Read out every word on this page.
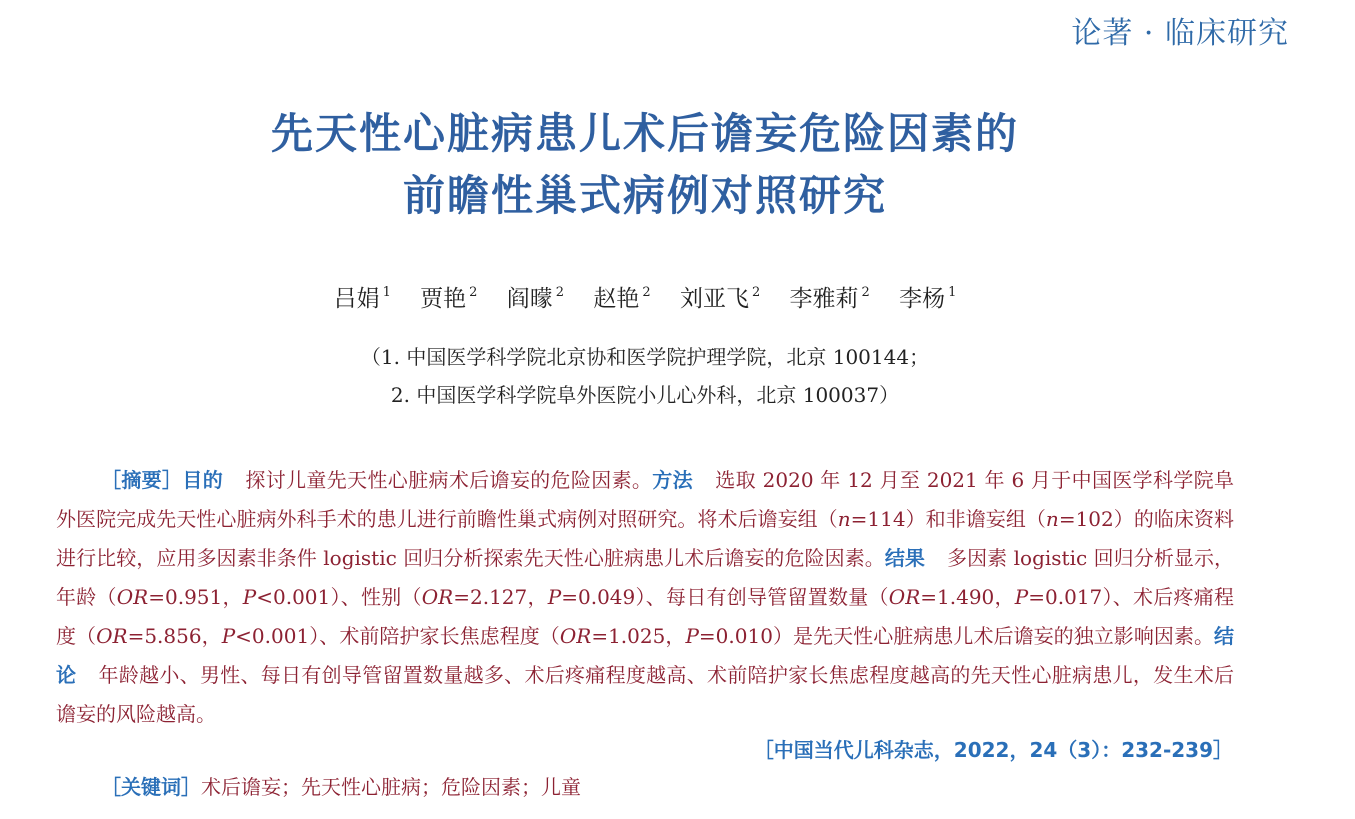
论著 · 临床研究
先天性心脏病患儿术后谵妄危险因素的
前瞻性巢式病例对照研究
吕娟 $^1$ 贾艳 $^2$ 阎曚 $^2$ 赵艳 $^2$ 刘亚飞 $^2$ 李雅莉 $^2$ 李杨 $^1$
（1. 中国医学科学院北京协和医学院护理学院，北京 100144；
2. 中国医学科学院阜外医院小儿心外科，北京 100037）
［摘要］目的 探讨儿童先天性心脏病术后谵妄的危险因素。方法 选取 2020 年 12 月至 2021 年 6 月于中国医学科学院阜外医院完成先天性心脏病外科手术的患儿进行前瞻性巢式病例对照研究。将术后谵妄组（n=114）和非谵妄组（n=102）的临床资料进行比较，应用多因素非条件 logistic 回归分析探索先天性心脏病患儿术后谵妄的危险因素。结果 多因素 logistic 回归分析显示，年龄（OR=0.951，P<0.001）、性别（OR=2.127，P=0.049）、每日有创导管留置数量（OR=1.490，P=0.017）、术后疼痛程度（OR=5.856，P<0.001）、术前陪护家长焦虑程度（OR=1.025，P=0.010）是先天性心脏病患儿术后谵妄的独立影响因素。结论 年龄越小、男性、每日有创导管留置数量越多、术后疼痛程度越高、术前陪护家长焦虑程度越高的先天性心脏病患儿，发生术后谵妄的风险越高。
［中国当代儿科杂志，2022，24（3）：232-239］
［关键词］术后谵妄；先天性心脏病；危险因素；儿童
